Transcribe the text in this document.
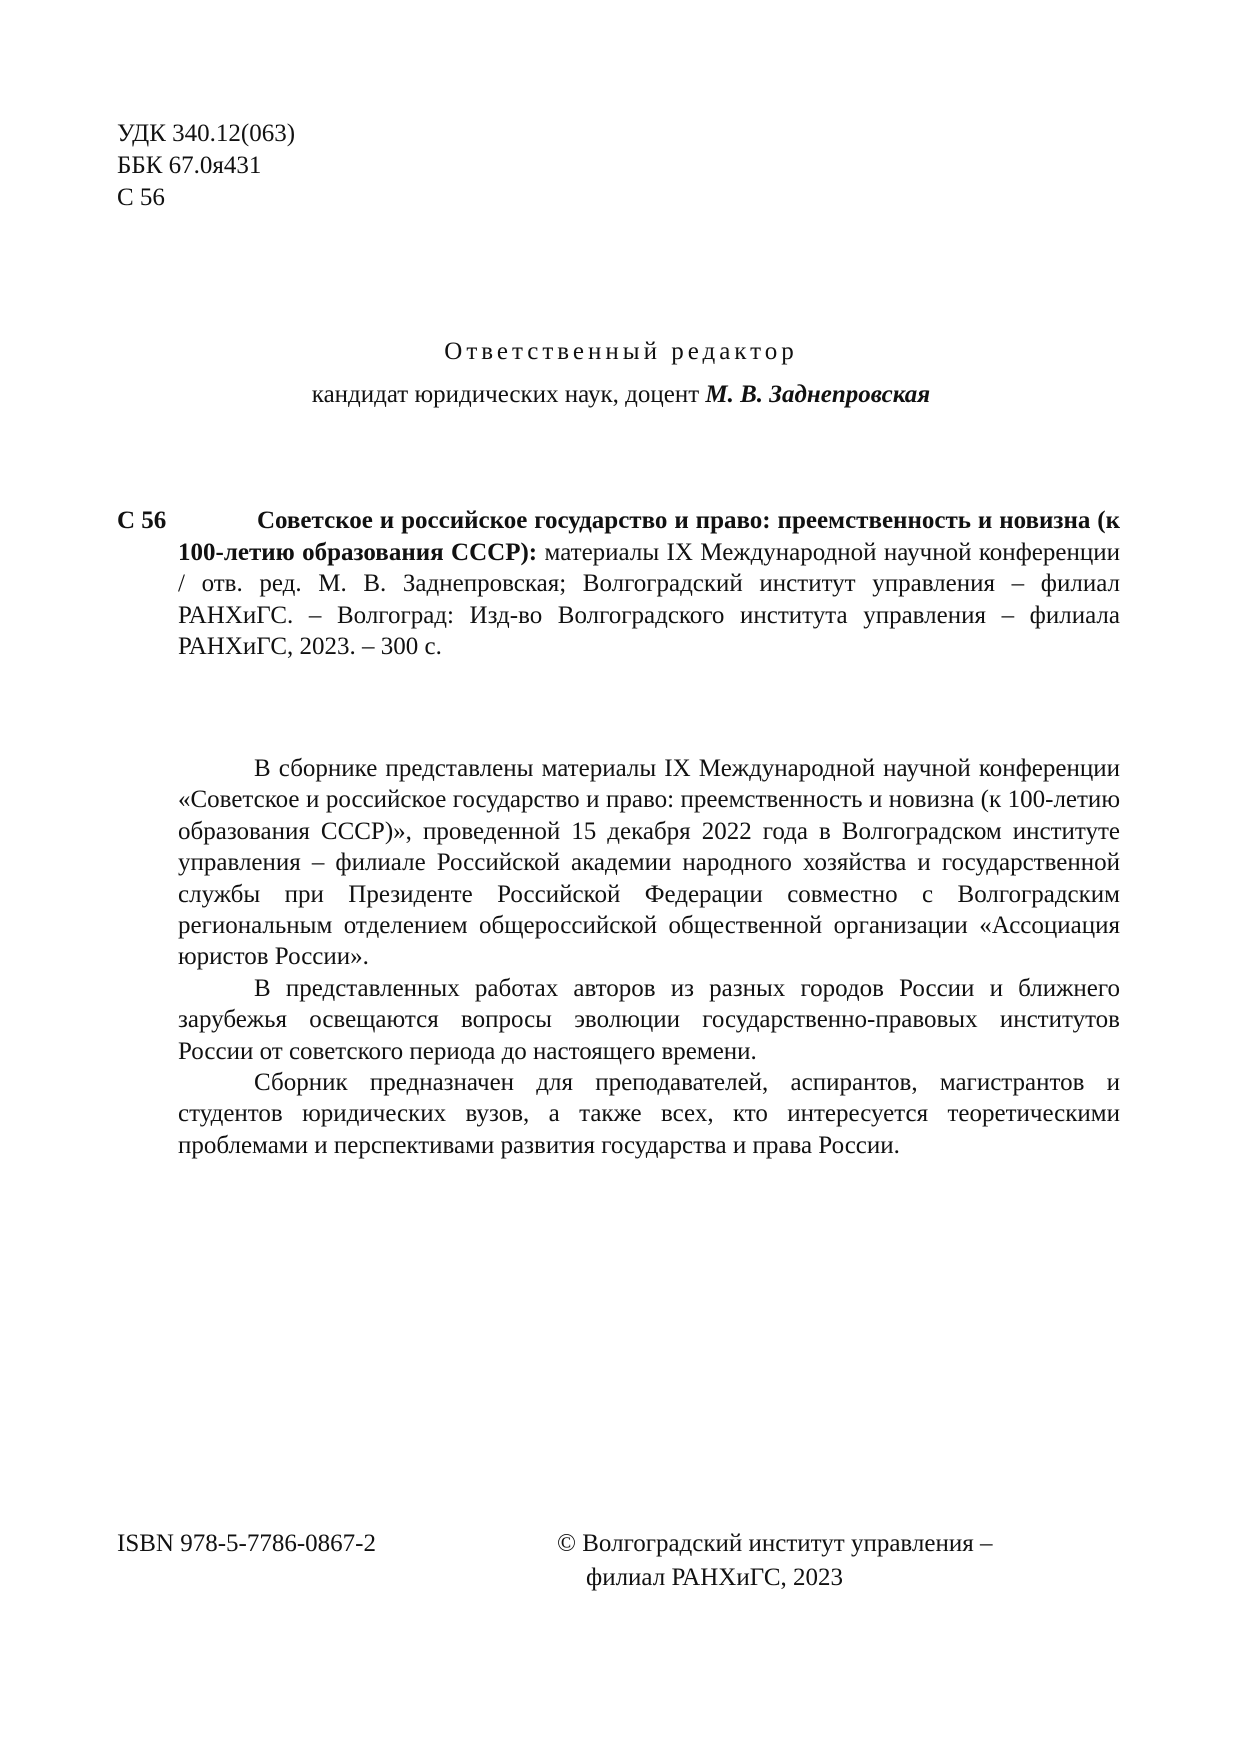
УДК 340.12(063)
ББК 67.0я431
С 56
Ответственный редактор
кандидат юридических наук, доцент М. В. Заднепровская
С 56	Советское и российское государство и право: преемственность и новизна (к 100-летию образования СССР): материалы IX Международной научной конференции / отв. ред. М. В. Заднепровская; Волгоградский институт управления – филиал РАНХиГС. – Волгоград: Изд-во Волгоградского института управления – филиала РАНХиГС, 2023. – 300 с.

В сборнике представлены материалы IX Международной научной конференции «Советское и российское государство и право: преемственность и новизна (к 100-летию образования СССР)», проведенной 15 декабря 2022 года в Волгоградском институте управления – филиале Российской академии народного хозяйства и государственной службы при Президенте Российской Федерации совместно с Волгоградским региональным отделением общероссийской общественной организации «Ассоциация юристов России».

В представленных работах авторов из разных городов России и ближнего зарубежья освещаются вопросы эволюции государственно-правовых институтов России от советского периода до настоящего времени.

Сборник предназначен для преподавателей, аспирантов, магистрантов и студентов юридических вузов, а также всех, кто интересуется теоретическими проблемами и перспективами развития государства и права России.

ISBN 978-5-7786-0867-2	© Волгоградский институт управления –
филиал РАНХиГС, 2023
